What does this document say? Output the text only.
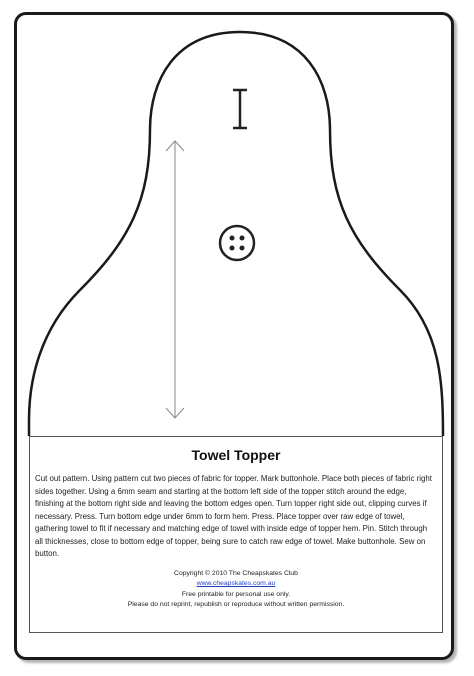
Towel Topper
Cut out pattern. Using pattern cut two pieces of fabric for topper. Mark buttonhole. Place both pieces of fabric right sides together. Using a 6mm seam and starting at the bottom left side of the topper stitch around the edge, finishing at the bottom right side and leaving the bottom edges open. Turn topper right side out, clipping curves if necessary. Press. Turn bottom edge under 6mm to form hem. Press. Place topper over raw edge of towel, gathering towel to fit if necessary and matching edge of towel with inside edge of topper hem. Pin. Stitch through all thicknesses, close to bottom edge of topper, being sure to catch raw edge of towel. Make buttonhole. Sew on button.
Copyright © 2010 The Cheapskates Club
www.cheapskates.com.au
Free printable for personal use only.
Please do not reprint, republish or reproduce without written permission.
